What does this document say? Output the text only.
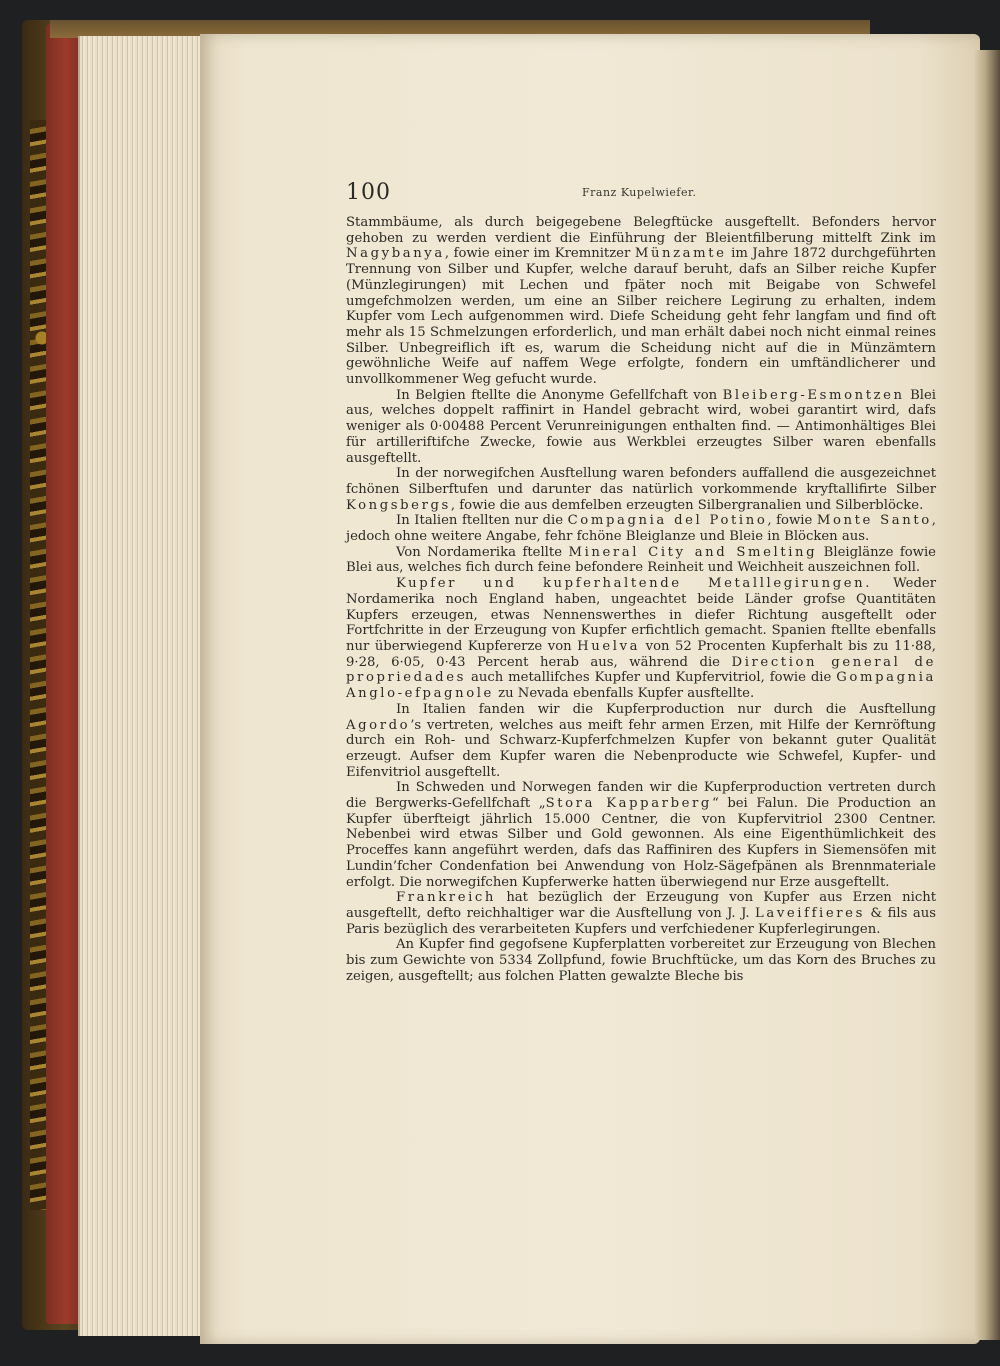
100	Franz Kupelwiefer.

Stammbäume, als durch beigegebene Belegftücke ausgeftellt. Befonders hervor gehoben zu werden verdient die Einführung der Bleientfilberung mittelft Zink im Nagybanya, fowie einer im Kremnitzer Münzamte im Jahre 1872 durchgeführten Trennung von Silber und Kupfer, welche darauf beruht, dafs an Silber reiche Kupfer (Münzlegirungen) mit Lechen und fpäter noch mit Beigabe von Schwefel umgefchmolzen werden, um eine an Silber reichere Legirung zu erhalten, indem Kupfer vom Lech aufgenommen wird. Diefe Scheidung geht fehr langfam und find oft mehr als 15 Schmelzungen erforderlich, und man erhält dabei noch nicht einmal reines Silber. Unbegreiflich ift es, warum die Scheidung nicht auf die in Münzämtern gewöhnliche Weife auf naffem Wege erfolgte, fondern ein umftändlicherer und unvollkommener Weg gefucht wurde.

In Belgien ftellte die Anonyme Gefellfchaft von Bleiberg-Esmontzen Blei aus, welches doppelt raffinirt in Handel gebracht wird, wobei garantirt wird, dafs weniger als 0·00488 Percent Verunreinigungen enthalten find. — Antimonhältiges Blei für artilleriftifche Zwecke, fowie aus Werkblei erzeugtes Silber waren ebenfalls ausgeftellt.

In der norwegifchen Ausftellung waren befonders auffallend die ausgezeichnet fchönen Silberftufen und darunter das natürlich vorkommende kryftallifirte Silber Kongsbergs, fowie die aus demfelben erzeugten Silbergranalien und Silberblöcke.

In Italien ftellten nur die Compagnia del Potino, fowie Monte Santo, jedoch ohne weitere Angabe, fehr fchöne Bleiglanze und Bleie in Blöcken aus.

Von Nordamerika ftellte Mineral City and Smelting Bleiglänze fowie Blei aus, welches fich durch feine befondere Reinheit und Weichheit auszeichnen foll.

Kupfer und kupferhaltende Metalllegirungen. Weder Nordamerika noch England haben, ungeachtet beide Länder grofse Quantitäten Kupfers erzeugen, etwas Nennenswerthes in diefer Richtung ausgeftellt oder Fortfchritte in der Erzeugung von Kupfer erfichtlich gemacht. Spanien ftellte ebenfalls nur überwiegend Kupfererze von Huelva von 52 Procenten Kupferhalt bis zu 11·88, 9·28, 6·05, 0·43 Percent herab aus, während die Direction general de propriedades auch metallifches Kupfer und Kupfervitriol, fowie die Gompagnia Anglo-efpagnole zu Nevada ebenfalls Kupfer ausftellte.

In Italien fanden wir die Kupferproduction nur durch die Ausftellung Agordo’s vertreten, welches aus meift fehr armen Erzen, mit Hilfe der Kernröftung durch ein Roh- und Schwarz-Kupferfchmelzen Kupfer von bekannt guter Qualität erzeugt. Aufser dem Kupfer waren die Nebenproducte wie Schwefel, Kupfer- und Eifenvitriol ausgeftellt.

In Schweden und Norwegen fanden wir die Kupferproduction vertreten durch die Bergwerks-Gefellfchaft „Stora Kapparberg“ bei Falun. Die Production an Kupfer überfteigt jährlich 15.000 Centner, die von Kupfervitriol 2300 Centner. Nebenbei wird etwas Silber und Gold gewonnen. Als eine Eigenthümlichkeit des Proceffes kann angeführt werden, dafs das Raffiniren des Kupfers in Siemensöfen mit Lundin’fcher Condenfation bei Anwendung von Holz-Sägefpänen als Brennmateriale erfolgt. Die norwegifchen Kupferwerke hatten überwiegend nur Erze ausgeftellt.

Frankreich hat bezüglich der Erzeugung von Kupfer aus Erzen nicht ausgeftellt, defto reichhaltiger war die Ausftellung von J. J. Laveiffieres & fils aus Paris bezüglich des verarbeiteten Kupfers und verfchiedener Kupferlegirungen.

An Kupfer find gegofsene Kupferplatten vorbereitet zur Erzeugung von Blechen bis zum Gewichte von 5334 Zollpfund, fowie Bruchftücke, um das Korn des Bruches zu zeigen, ausgeftellt; aus folchen Platten gewalzte Bleche bis
